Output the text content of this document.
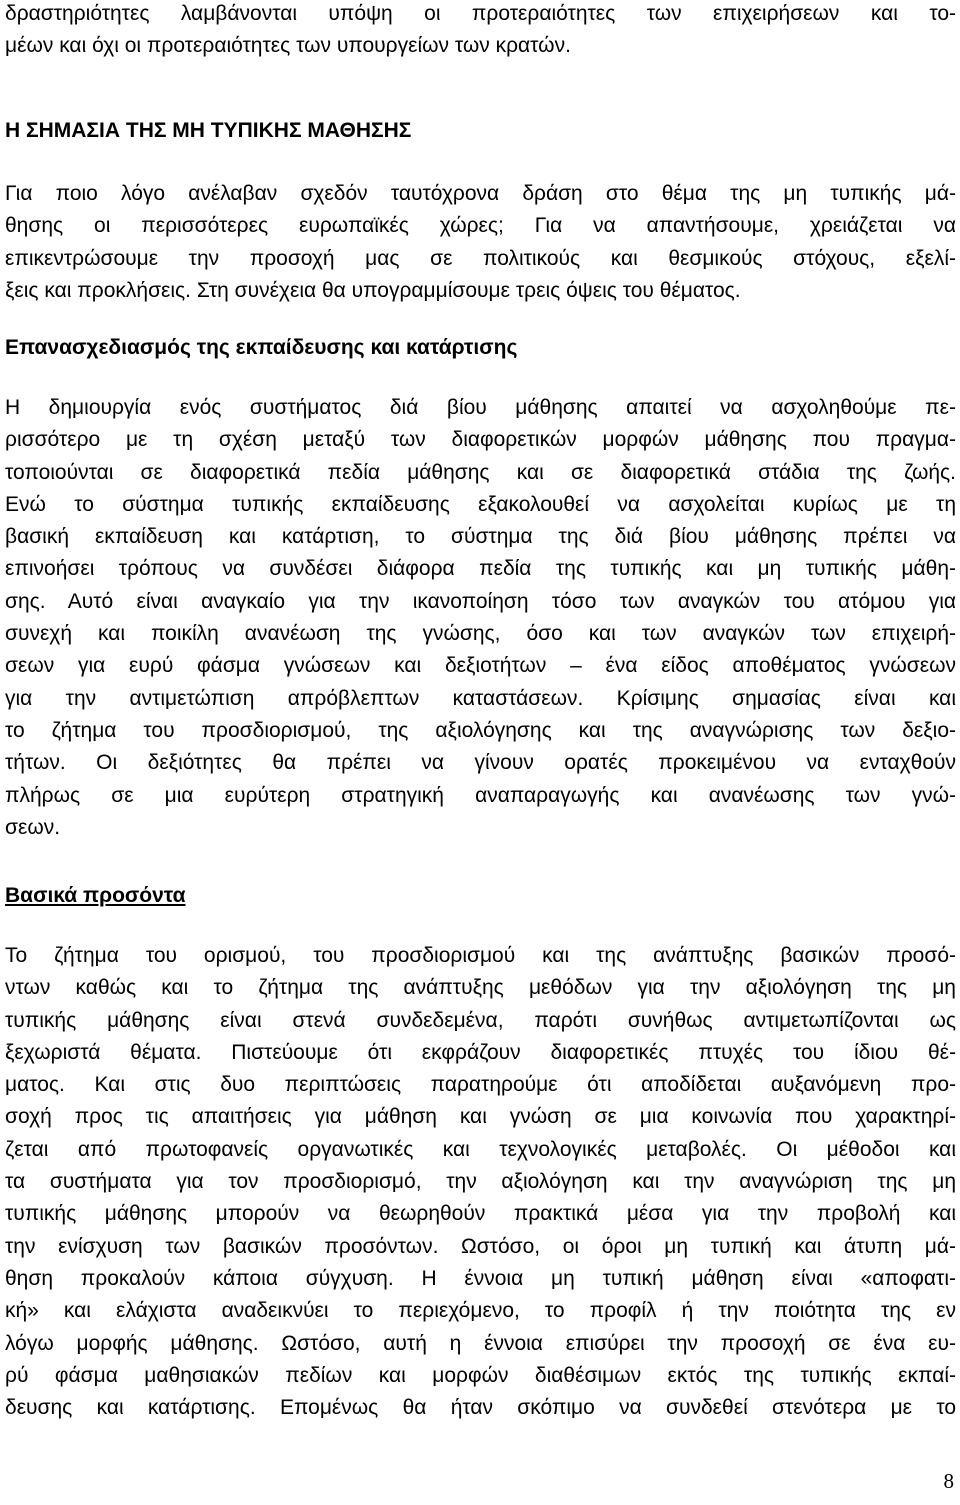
δραστηριότητες λαμβάνονται υπόψη οι προτεραιότητες των επιχειρήσεων και το-
μέων και όχι οι προτεραιότητες των υπουργείων των κρατών.
Η ΣΗΜΑΣΙΑ ΤΗΣ ΜΗ ΤΥΠΙΚΗΣ ΜΑΘΗΣΗΣ
Για ποιο λόγο ανέλαβαν σχεδόν ταυτόχρονα δράση στο θέμα της μη τυπικής μά-
θησης οι περισσότερες ευρωπαϊκές χώρες; Για να απαντήσουμε, χρειάζεται να
επικεντρώσουμε την προσοχή μας σε πολιτικούς και θεσμικούς στόχους, εξελί-
ξεις και προκλήσεις. Στη συνέχεια θα υπογραμμίσουμε τρεις όψεις του θέματος.
Επανασχεδιασμός της εκπαίδευσης και κατάρτισης
Η δημιουργία ενός συστήματος διά βίου μάθησης απαιτεί να ασχοληθούμε πε-
ρισσότερο με τη σχέση μεταξύ των διαφορετικών μορφών μάθησης που πραγμα-
τοποιούνται σε διαφορετικά πεδία μάθησης και σε διαφορετικά στάδια της ζωής.
Ενώ το σύστημα τυπικής εκπαίδευσης εξακολουθεί να ασχολείται κυρίως με τη
βασική εκπαίδευση και κατάρτιση, το σύστημα της διά βίου μάθησης πρέπει να
επινοήσει τρόπους να συνδέσει διάφορα πεδία της τυπικής και μη τυπικής μάθη-
σης. Αυτό είναι αναγκαίο για την ικανοποίηση τόσο των αναγκών του ατόμου για
συνεχή και ποικίλη ανανέωση της γνώσης, όσο και των αναγκών των επιχειρή-
σεων για ευρύ φάσμα γνώσεων και δεξιοτήτων – ένα είδος αποθέματος γνώσεων
για την αντιμετώπιση απρόβλεπτων καταστάσεων. Κρίσιμης σημασίας είναι και
το ζήτημα του προσδιορισμού, της αξιολόγησης και της αναγνώρισης των δεξιο-
τήτων. Οι δεξιότητες θα πρέπει να γίνουν ορατές προκειμένου να ενταχθούν
πλήρως σε μια ευρύτερη στρατηγική αναπαραγωγής και ανανέωσης των γνώ-
σεων.
Βασικά προσόντα
Το ζήτημα του ορισμού, του προσδιορισμού και της ανάπτυξης βασικών προσό-
ντων καθώς και το ζήτημα της ανάπτυξης μεθόδων για την αξιολόγηση της μη
τυπικής μάθησης είναι στενά συνδεδεμένα, παρότι συνήθως αντιμετωπίζονται ως
ξεχωριστά θέματα. Πιστεύουμε ότι εκφράζουν διαφορετικές πτυχές του ίδιου θέ-
ματος. Και στις δυο περιπτώσεις παρατηρούμε ότι αποδίδεται αυξανόμενη προ-
σοχή προς τις απαιτήσεις για μάθηση και γνώση σε μια κοινωνία που χαρακτηρί-
ζεται από πρωτοφανείς οργανωτικές και τεχνολογικές μεταβολές. Οι μέθοδοι και
τα συστήματα για τον προσδιορισμό, την αξιολόγηση και την αναγνώριση της μη
τυπικής μάθησης μπορούν να θεωρηθούν πρακτικά μέσα για την προβολή και
την ενίσχυση των βασικών προσόντων. Ωστόσο, οι όροι μη τυπική και άτυπη μά-
θηση προκαλούν κάποια σύγχυση. Η έννοια μη τυπική μάθηση είναι «αποφατι-
κή» και ελάχιστα αναδεικνύει το περιεχόμενο, το προφίλ ή την ποιότητα της εν
λόγω μορφής μάθησης. Ωστόσο, αυτή η έννοια επισύρει την προσοχή σε ένα ευ-
ρύ φάσμα μαθησιακών πεδίων και μορφών διαθέσιμων εκτός της τυπικής εκπαί-
δευσης και κατάρτισης. Επομένως θα ήταν σκόπιμο να συνδεθεί στενότερα με το
8
